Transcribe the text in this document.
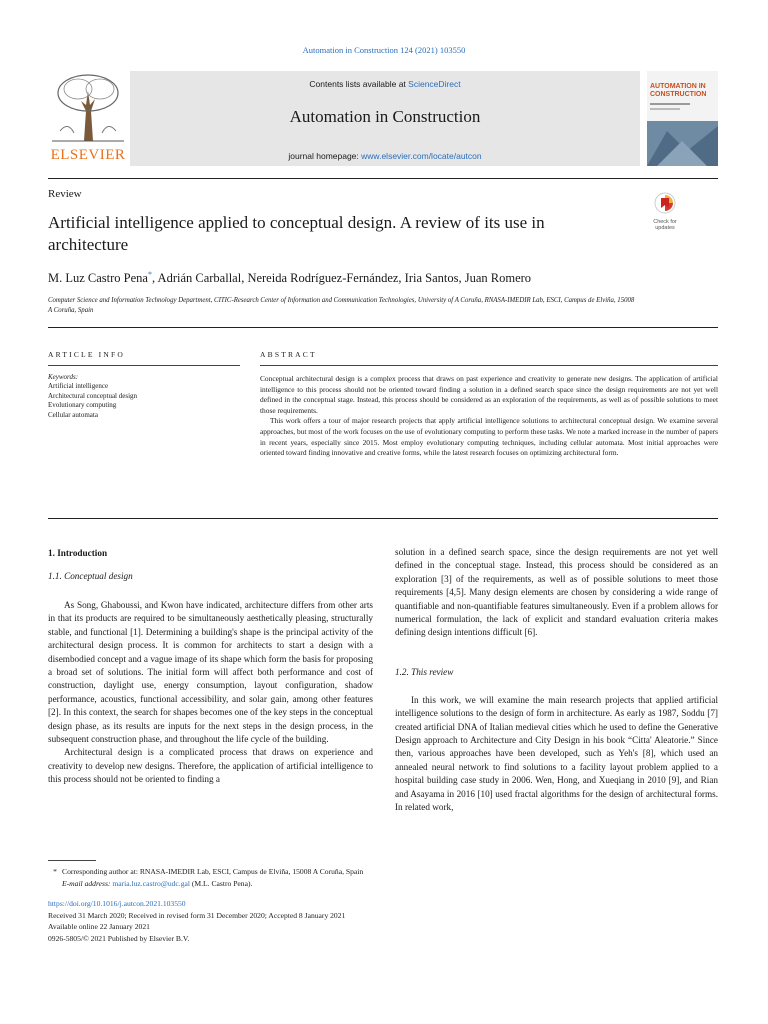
Automation in Construction 124 (2021) 103550
ELSEVIER
Contents lists available at ScienceDirect
Automation in Construction
journal homepage: www.elsevier.com/locate/autcon
AUTOMATION IN
CONSTRUCTION
Review
Check for updates
Artificial intelligence applied to conceptual design. A review of its use in architecture
M. Luz Castro Pena*, Adrián Carballal, Nereida Rodríguez-Fernández, Iria Santos, Juan Romero
Computer Science and Information Technology Department, CITIC-Research Center of Information and Communication Technologies, University of A Coruña, RNASA-IMEDIR Lab, ESCI, Campus de Elviña, 15008 A Coruña, Spain
ARTICLE INFO
Keywords:
Artificial intelligence
Architectural conceptual design
Evolutionary computing
Cellular automata
ABSTRACT

Conceptual architectural design is a complex process that draws on past experience and creativity to generate new designs. The application of artificial intelligence to this process should not be oriented toward finding a solution in a defined search space since the design requirements are not yet well defined in the conceptual stage. Instead, this process should be considered as an exploration of the requirements, as well as of possible solutions to meet those requirements.

This work offers a tour of major research projects that apply artificial intelligence solutions to architectural conceptual design. We examine several approaches, but most of the work focuses on the use of evolutionary computing to perform these tasks. We note a marked increase in the number of papers in recent years, especially since 2015. Most employ evolutionary computing techniques, including cellular automata. Most initial approaches were oriented toward finding innovative and creative forms, while the latest research focuses on optimizing architectural form.

1. Introduction
1.1. Conceptual design

As Song, Ghaboussi, and Kwon have indicated, architecture differs from other arts in that its products are required to be simultaneously aesthetically pleasing, structurally stable, and functional [1]. Determining a building's shape is the principal activity of the architectural design process. It is common for architects to start a design with a disembodied concept and a vague image of its shape which form the basis for proposing a broad set of solutions. The initial form will affect both performance and cost of construction, daylight use, energy consumption, layout configuration, shadow performance, acoustics, functional accessibility, and solar gain, among other features [2]. In this context, the search for shapes becomes one of the key steps in the conceptual design phase, as its results are inputs for the next steps in the design process, in the subsequent construction phase, and throughout the life cycle of the building.

Architectural design is a complicated process that draws on experience and creativity to develop new designs. Therefore, the application of artificial intelligence to this process should not be oriented to finding a

solution in a defined search space, since the design requirements are not yet well defined in the conceptual stage. Instead, this process should be considered as an exploration [3] of the requirements, as well as of possible solutions to meet those requirements [4,5]. Many design elements are chosen by considering a wide range of quantifiable and non-quantifiable features simultaneously. Even if a problem allows for numerical formulation, the lack of explicit and standard evaluation criteria makes defining design intentions difficult [6].

1.2. This review

In this work, we will examine the main research projects that applied artificial intelligence solutions to the design of form in architecture. As early as 1987, Soddu [7] created artificial DNA of Italian medieval cities which he used to define the Generative Design approach to Architecture and City Design in his book “Citta' Aleatorie.” Since then, various approaches have been developed, such as Yeh's [8], which used an annealed neural network to find solutions to a facility layout problem applied to a hospital building case study in 2006. Wen, Hong, and Xueqiang in 2010 [9], and Rian and Asayama in 2016 [10] used fractal algorithms for the design of architectural forms. In related work,

* Corresponding author at: RNASA-IMEDIR Lab, ESCI, Campus de Elviña, 15008 A Coruña, Spain
E-mail address: maria.luz.castro@udc.gal (M.L. Castro Pena).
https://doi.org/10.1016/j.autcon.2021.103550
Received 31 March 2020; Received in revised form 31 December 2020; Accepted 8 January 2021
Available online 22 January 2021
0926-5805/© 2021 Published by Elsevier B.V.
